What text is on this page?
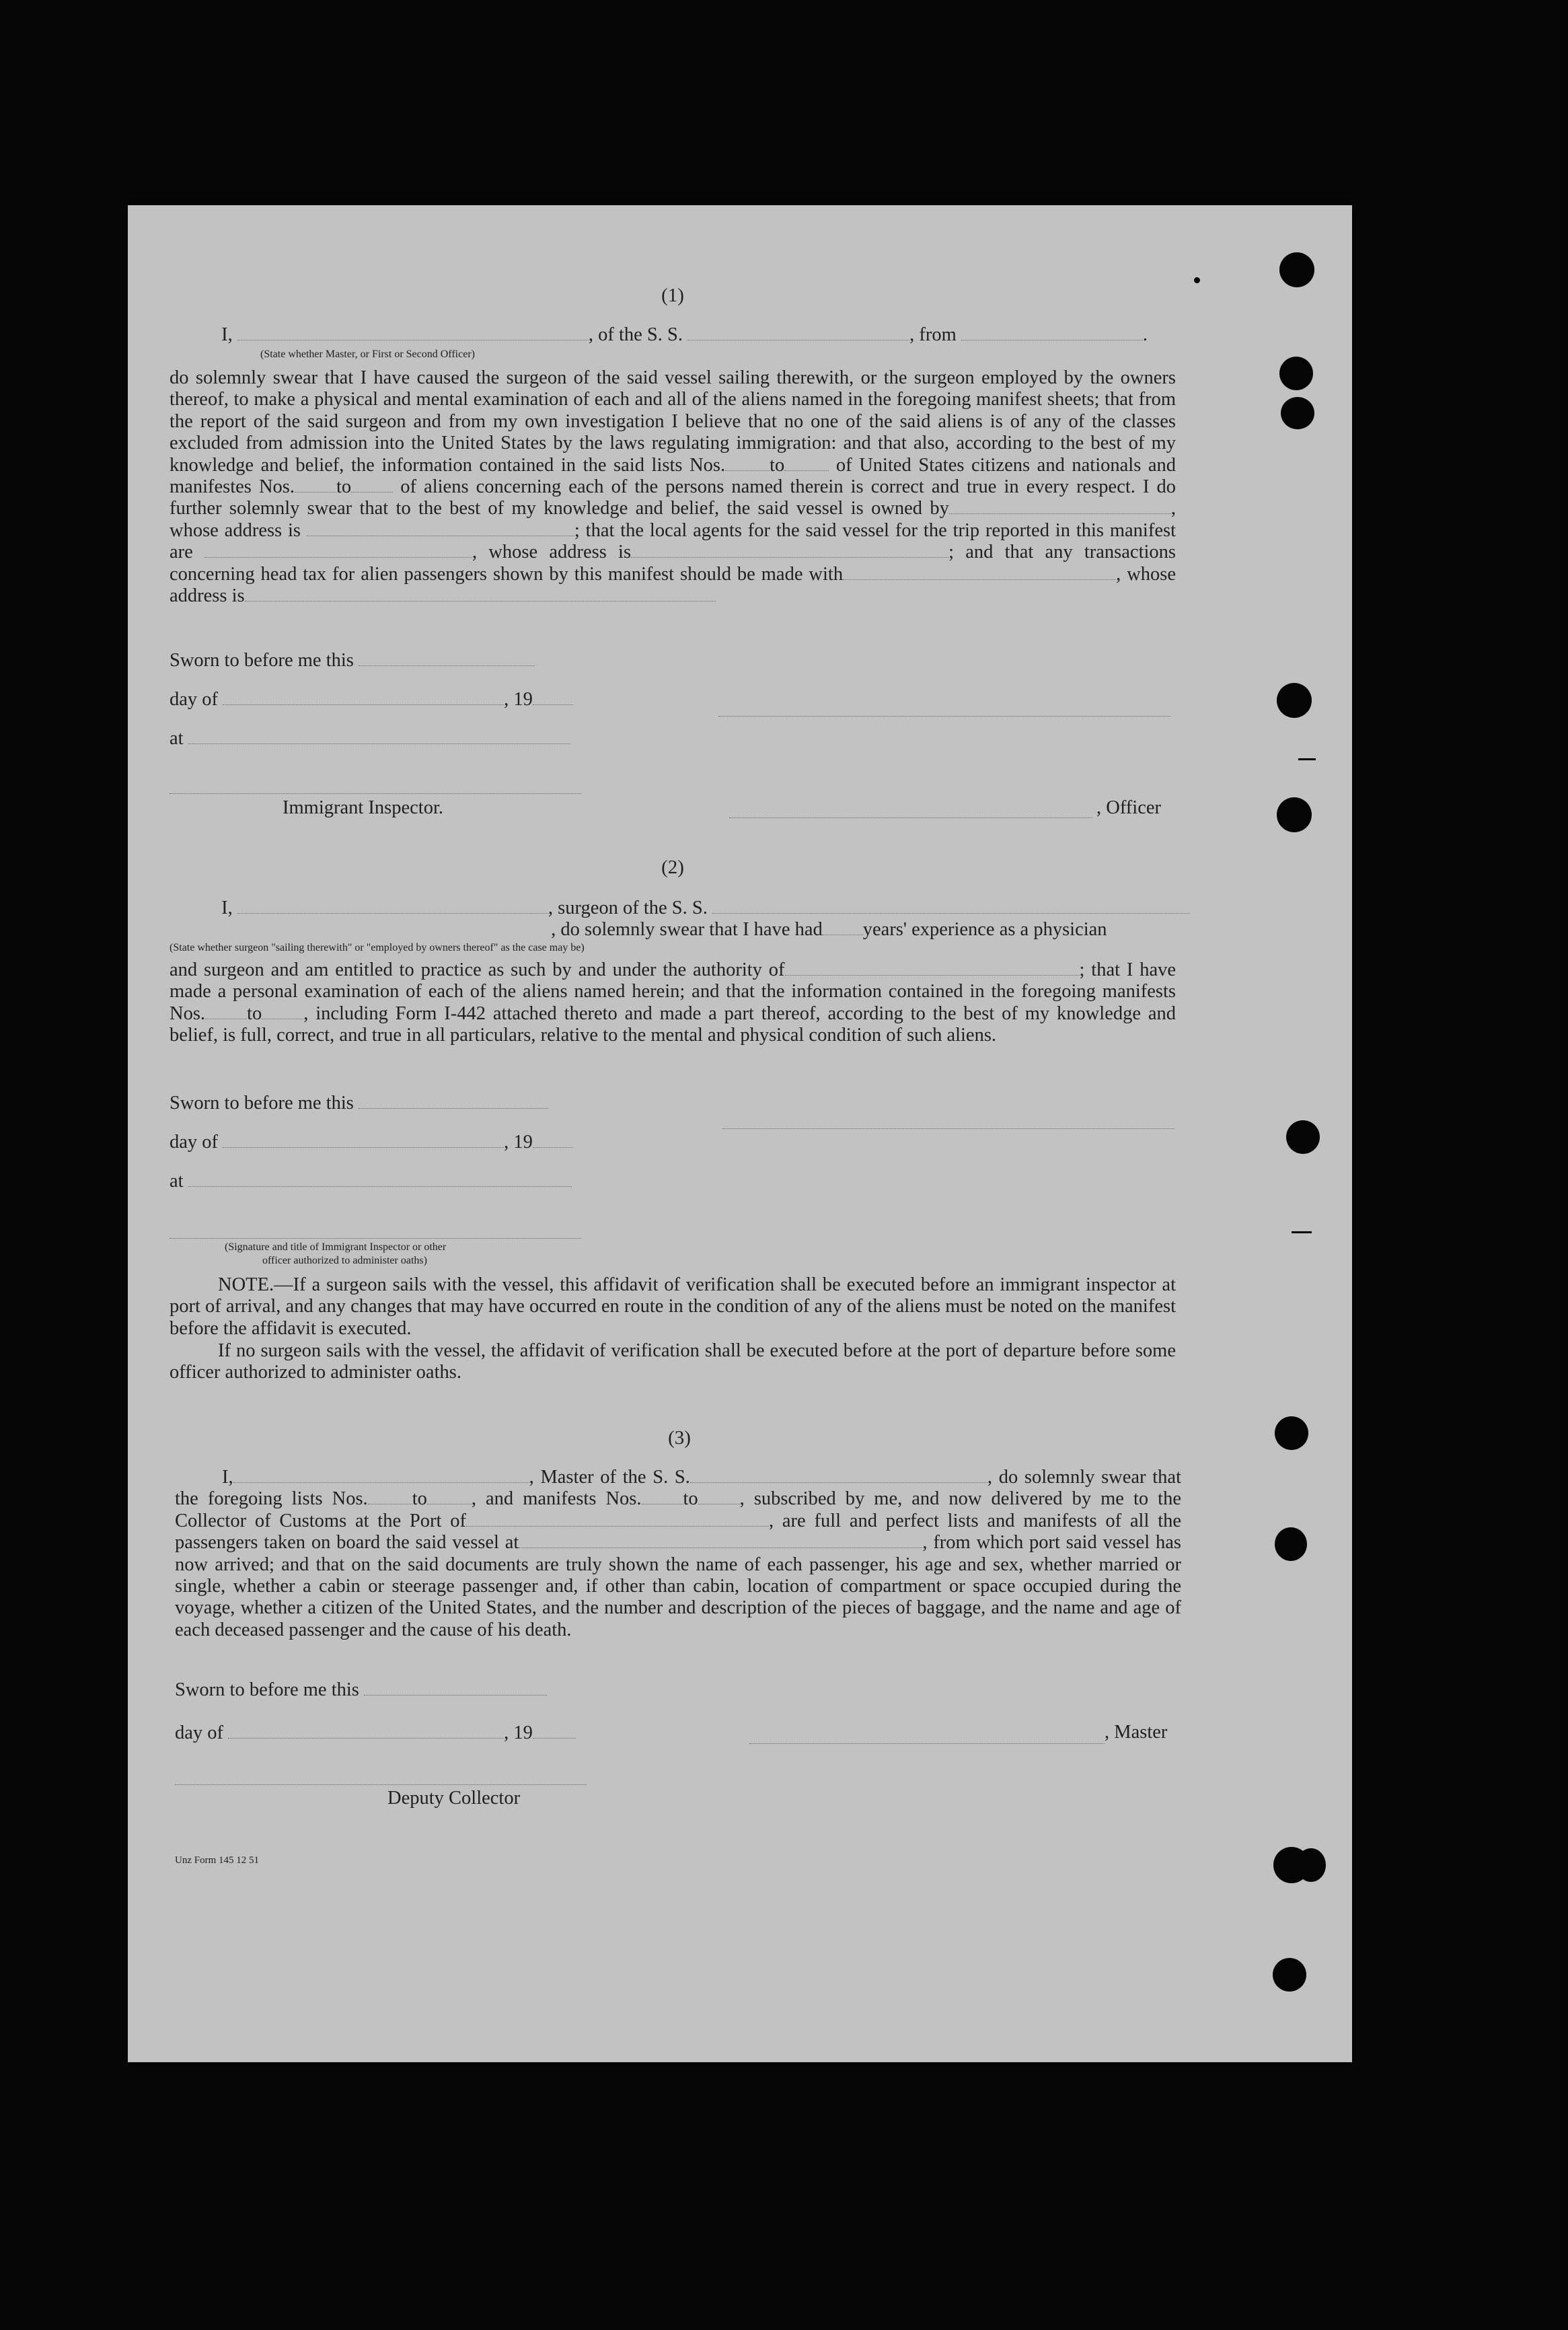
(1)
I,	, of the S. S.	, from	.
(State whether Master, or First or Second Officer)
do solemnly swear that I have caused the surgeon of the said vessel sailing therewith, or the surgeon employed by the owners thereof, to make a physical and mental examination of each and all of the aliens named in the foregoing manifest sheets; that from the report of the said surgeon and from my own investigation I believe that no one of the said aliens is of any of the classes excluded from admission into the United States by the laws regulating immigration: and that also, according to the best of my knowledge and belief, the information contained in the said lists Nos. to	of United States citizens and nationals and manifestes Nos. to	of aliens concerning each of the persons named therein is correct and true in every respect. I do further solemnly swear that to the best of my knowledge and belief, the said vessel is owned by	, whose address is	; that the local agents for the said vessel for the trip reported in this manifest are	, whose address is	; and that any transactions concerning head tax for alien passengers shown by this manifest should be made with	, whose address is
Sworn to before me this
day of	, 19
at
Immigrant Inspector.	, Officer
(2)
I,	, surgeon of the S. S.
, do solemnly swear that I have had years' experience as a physician
(State whether surgeon "sailing therewith" or "employed by owners thereof" as the case may be)
and surgeon and am entitled to practice as such by and under the authority of	; that I have made a personal examination of each of the aliens named herein; and that the information contained in the foregoing manifests Nos. to , including Form I-442 attached thereto and made a part thereof, according to the best of my knowledge and belief, is full, correct, and true in all particulars, relative to the mental and physical condition of such aliens.
Sworn to before me this
day of	, 19
at
(Signature and title of Immigrant Inspector or other
officer authorized to administer oaths)
NOTE.—If a surgeon sails with the vessel, this affidavit of verification shall be executed before an immigrant inspector at port of arrival, and any changes that may have occurred en route in the condition of any of the aliens must be noted on the manifest before the affidavit is executed.
If no surgeon sails with the vessel, the affidavit of verification shall be executed before at the port of departure before some officer authorized to administer oaths.
(3)
I,	, Master of the S. S.	, do solemnly swear that the foregoing lists Nos. to , and manifests Nos. to , subscribed by me, and now delivered by me to the Collector of Customs at the Port of	, are full and perfect lists and manifests of all the passengers taken on board the said vessel at	, from which port said vessel has now arrived; and that on the said documents are truly shown the name of each passenger, his age and sex, whether married or single, whether a cabin or steerage passenger and, if other than cabin, location of compartment or space occupied during the voyage, whether a citizen of the United States, and the number and description of the pieces of baggage, and the name and age of each deceased passenger and the cause of his death.
Sworn to before me this
day of	, 19	, Master
Deputy Collector
Unz Form 145 12 51
